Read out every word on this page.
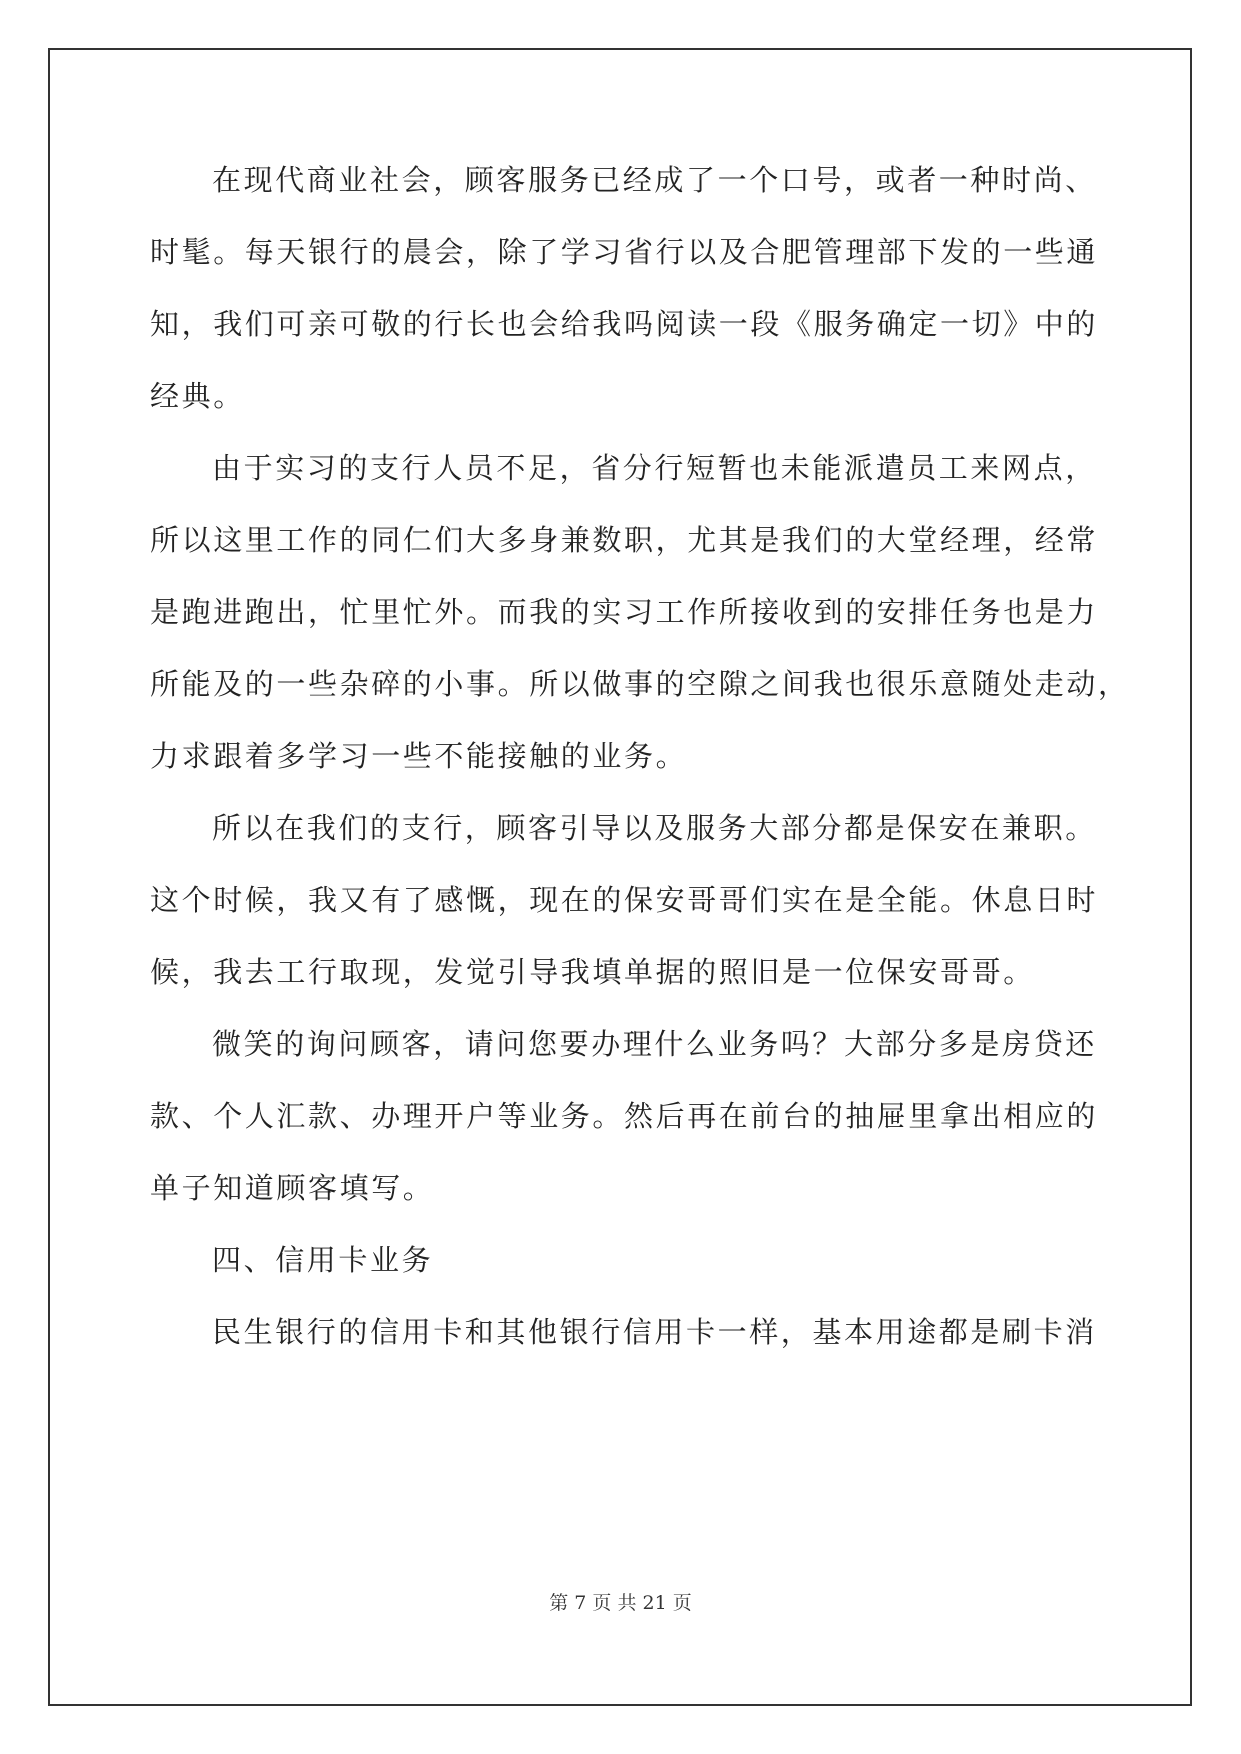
在现代商业社会，顾客服务已经成了一个口号，或者一种时尚、
时髦。每天银行的晨会，除了学习省行以及合肥管理部下发的一些通
知，我们可亲可敬的行长也会给我吗阅读一段《服务确定一切》中的
经典。
由于实习的支行人员不足，省分行短暂也未能派遣员工来网点，
所以这里工作的同仁们大多身兼数职，尤其是我们的大堂经理，经常
是跑进跑出，忙里忙外。而我的实习工作所接收到的安排任务也是力
所能及的一些杂碎的小事。所以做事的空隙之间我也很乐意随处走动，
力求跟着多学习一些不能接触的业务。
所以在我们的支行，顾客引导以及服务大部分都是保安在兼职。
这个时候，我又有了感慨，现在的保安哥哥们实在是全能。休息日时
候，我去工行取现，发觉引导我填单据的照旧是一位保安哥哥。
微笑的询问顾客，请问您要办理什么业务吗？大部分多是房贷还
款、个人汇款、办理开户等业务。然后再在前台的抽屉里拿出相应的
单子知道顾客填写。
四、信用卡业务
民生银行的信用卡和其他银行信用卡一样，基本用途都是刷卡消
第 7 页 共 21 页
